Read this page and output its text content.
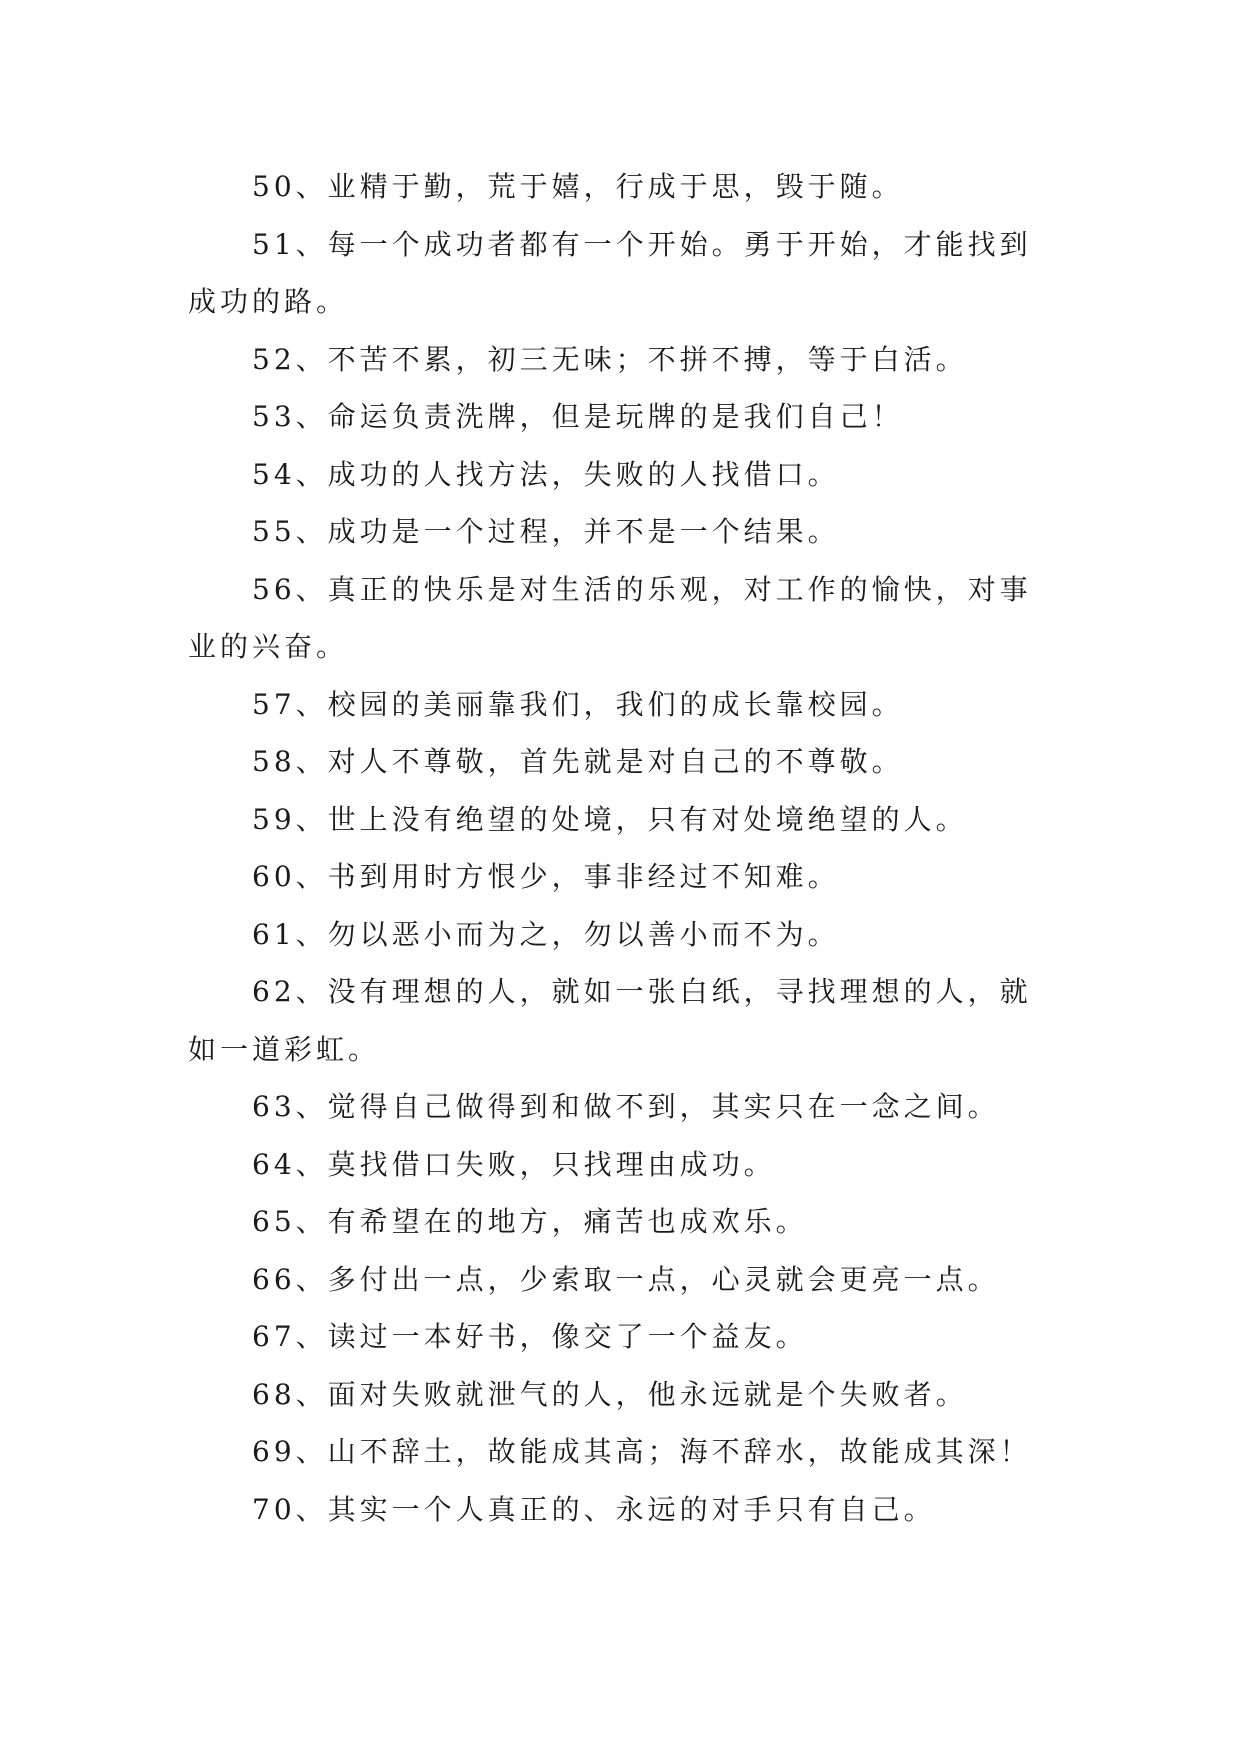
50、业精于勤，荒于嬉，行成于思，毁于随。

51、每一个成功者都有一个开始。勇于开始，才能找到成功的路。

52、不苦不累，初三无味；不拼不搏，等于白活。

53、命运负责洗牌，但是玩牌的是我们自己！

54、成功的人找方法，失败的人找借口。

55、成功是一个过程，并不是一个结果。

56、真正的快乐是对生活的乐观，对工作的愉快，对事业的兴奋。

57、校园的美丽靠我们，我们的成长靠校园。

58、对人不尊敬，首先就是对自己的不尊敬。

59、世上没有绝望的处境，只有对处境绝望的人。

60、书到用时方恨少，事非经过不知难。

61、勿以恶小而为之，勿以善小而不为。

62、没有理想的人，就如一张白纸，寻找理想的人，就如一道彩虹。

63、觉得自己做得到和做不到，其实只在一念之间。

64、莫找借口失败，只找理由成功。

65、有希望在的地方，痛苦也成欢乐。

66、多付出一点，少索取一点，心灵就会更亮一点。

67、读过一本好书，像交了一个益友。

68、面对失败就泄气的人，他永远就是个失败者。

69、山不辞土，故能成其高；海不辞水，故能成其深！

70、其实一个人真正的、永远的对手只有自己。
